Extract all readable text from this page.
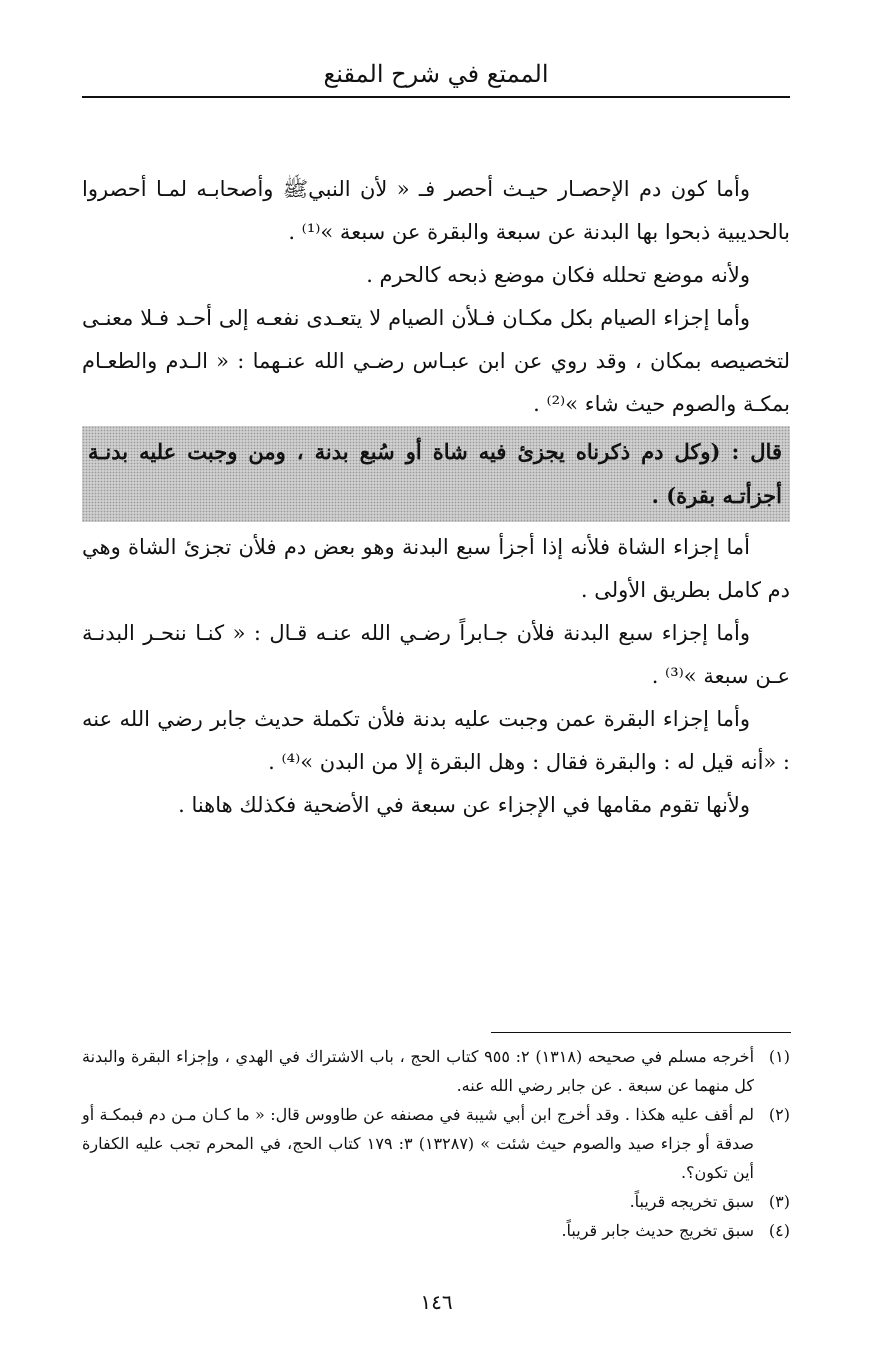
الممتع في شرح المقنع

وأما كون دم الإحصـار حيـث أحصر فـ « لأن النبيﷺ وأصحابـه لمـا أحصروا بالحديبية ذبحوا بها البدنة عن سبعة والبقرة عن سبعة »⁽¹⁾ .

ولأنه موضع تحلله فكان موضع ذبحه كالحرم .

وأما إجزاء الصيام بكل مكـان فـلأن الصيام لا يتعـدى نفعـه إلى أحـد فـلا معنـى لتخصيصه بمكان ، وقد روي عن ابن عبـاس رضـي الله عنـهما : « الـدم والطعـام بمكـة والصوم حيث شاء »⁽²⁾ .

قال : (وكل دم ذكرناه يجزئ فيه شاة أو سُبع بدنة ، ومن وجبت عليه بدنـة أجزأتـه بقرة) .

أما إجزاء الشاة فلأنه إذا أجزأ سبع البدنة وهو بعض دم فلأن تجزئ الشاة وهي دم كامل بطريق الأولى .

وأما إجزاء سبع البدنة فلأن جـابراً رضـي الله عنـه قـال : « كنـا ننحـر البدنـة عـن سبعة »⁽³⁾ .

وأما إجزاء البقرة عمن وجبت عليه بدنة فلأن تكملة حديث جابر رضي الله عنه : «أنه قيل له : والبقرة فقال : وهل البقرة إلا من البدن »⁽⁴⁾ .

ولأنها تقوم مقامها في الإجزاء عن سبعة في الأضحية فكذلك هاهنا .

(١)
أخرجه مسلم في صحيحه (١٣١٨) ٢: ٩٥٥ كتاب الحج ، باب الاشتراك في الهدي ، وإجزاء البقرة والبدنة كل منهما عن سبعة . عن جابر رضي الله عنه.
(٢)
لم أقف عليه هكذا . وقد أخرج ابن أبي شيبة في مصنفه عن طاووس قال: « ما كـان مـن دم فبمكـة أو صدقة أو جزاء صيد والصوم حيث شئت » (١٣٢٨٧) ٣: ١٧٩ كتاب الحج، في المحرم تجب عليه الكفارة أين تكون؟.
(٣)
سبق تخريجه قريباً.
(٤)
سبق تخريج حديث جابر قريباً.
١٤٦
